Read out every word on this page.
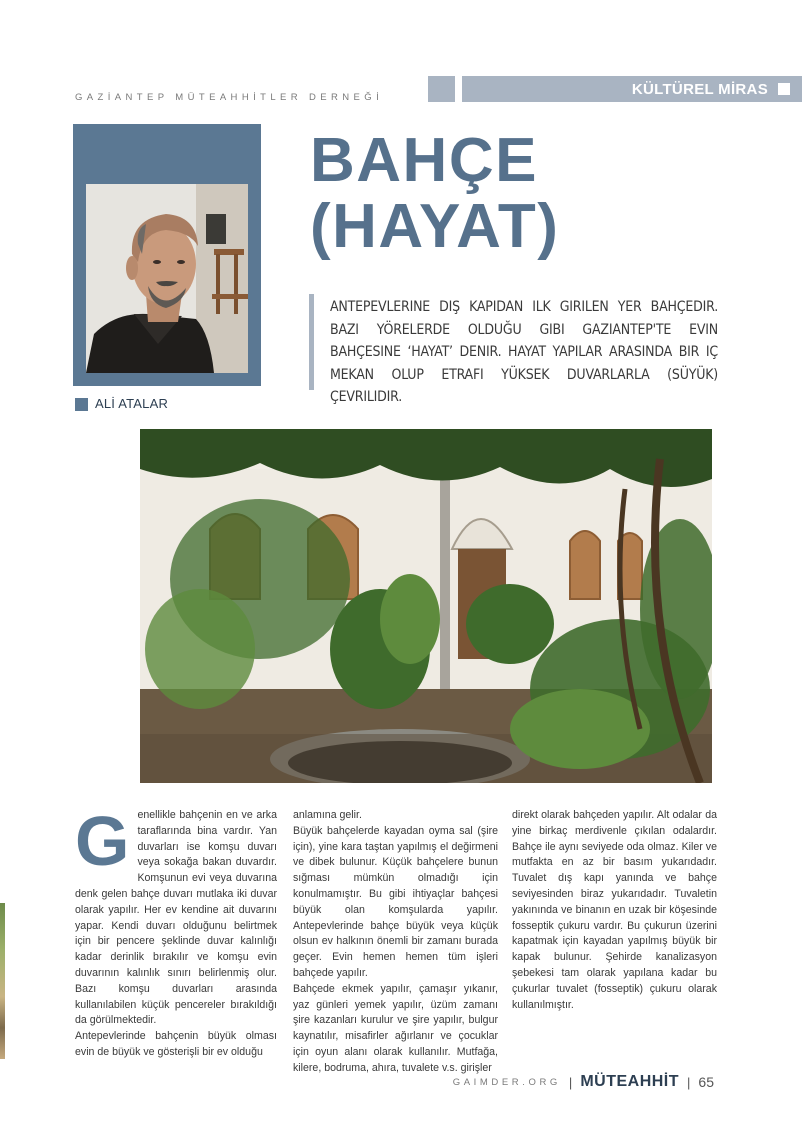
GAZİANTEP MÜTEAHHİTLER DERNEĞİ	KÜLTÜREL MİRAS
ALİ ATALAR
BAHÇE
(HAYAT)
ANTEPEVLERINE DIŞ KAPIDAN ILK GIRILEN YER BAHÇEDIR. BAZI YÖRELERDE OLDUĞU GIBI GAZIANTEP'TE EVIN BAHÇESINE ‘HAYAT’ DENIR. HAYAT YAPILAR ARASINDA BIR IÇ MEKAN OLUP ETRAFI YÜKSEK DUVARLARLA (SÜYÜK) ÇEVRILIDIR.
G enellikle bahçenin en ve arka taraflarında bina vardır. Yan duvarları ise komşu duvarı veya sokağa bakan duvardır. Komşunun evi veya duvarına denk gelen bahçe duvarı mutlaka iki duvar olarak yapılır. Her ev kendine ait duvarını yapar. Kendi duvarı olduğunu belirtmek için bir pencere şeklinde duvar kalınlığı kadar derinlik bırakılır ve komşu evin duvarının kalınlık sınırı belirlenmiş olur. Bazı komşu duvarları arasında kullanılabilen küçük pencereler bırakıldığı da görülmektedir.

Antepevlerinde bahçenin büyük olması evin de büyük ve gösterişli bir ev olduğu

anlamına gelir.

Büyük bahçelerde kayadan oyma sal (şire için), yine kara taştan yapılmış el değirmeni ve dibek bulunur. Küçük bahçelere bunun sığması mümkün olmadığı için konulmamıştır. Bu gibi ihtiyaçlar bahçesi büyük olan komşularda yapılır. Antepevlerinde bahçe büyük veya küçük olsun ev halkının önemli bir zamanı burada geçer. Evin hemen hemen tüm işleri bahçede yapılır.

Bahçede ekmek yapılır, çamaşır yıkanır, yaz günleri yemek yapılır, üzüm zamanı şire kazanları kurulur ve şire yapılır, bulgur kaynatılır, misafirler ağırlanır ve çocuklar için oyun alanı olarak kullanılır. Mutfağa, kilere, bodruma, ahıra, tuvalete v.s. girişler

direkt olarak bahçeden yapılır. Alt odalar da yine birkaç merdivenle çıkılan odalardır. Bahçe ile aynı seviyede oda olmaz. Kiler ve mutfakta en az bir basım yukarıdadır. Tuvalet dış kapı yanında ve bahçe seviyesinden biraz yukarıdadır. Tuvaletin yakınında ve binanın en uzak bir köşesinde fosseptik çukuru vardır. Bu çukurun üzerini kapatmak için kayadan yapılmış büyük bir kapak bulunur. Şehirde kanalizasyon şebekesi tam olarak yapılana kadar bu çukurlar tuvalet (fosseptik) çukuru olarak kullanılmıştır.

GAIMDER.ORG | MÜTEAHHİT | 65
